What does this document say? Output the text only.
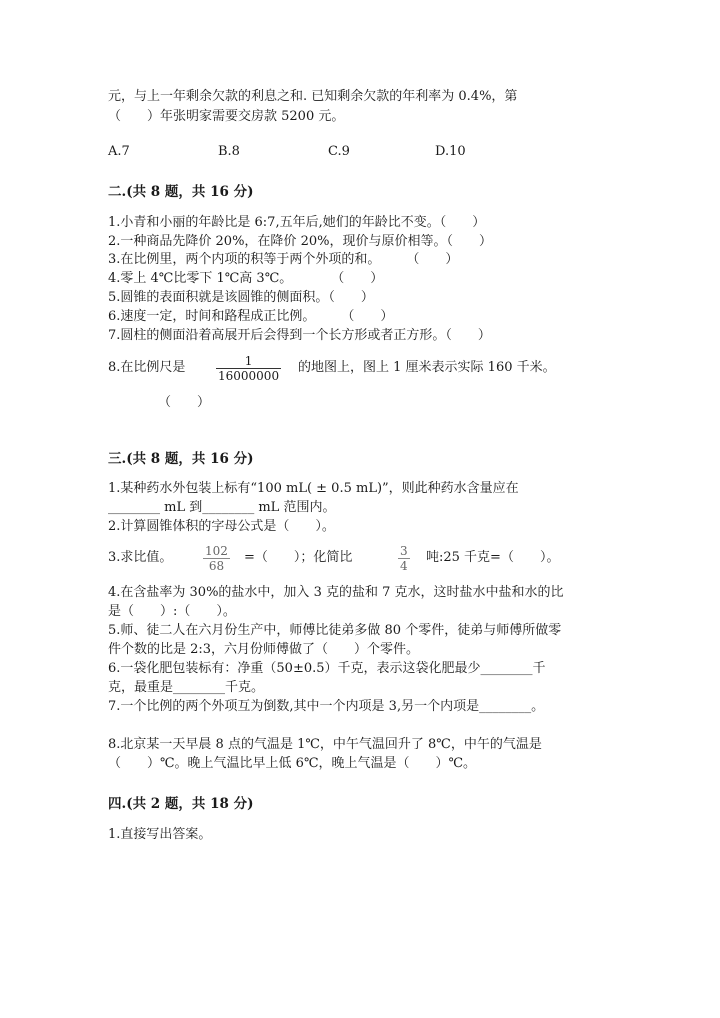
元，与上一年剩余欠款的利息之和. 已知剩余欠款的年利率为 0.4%，第
（　　）年张明家需要交房款 5200 元。
A.7	B.8	C.9	D.10
二.(共 8 题，共 16 分)
1.小青和小丽的年龄比是 6:7,五年后,她们的年龄比不变。（　　）
2.一种商品先降价 20%，在降价 20%，现价与原价相等。（　　）
3.在比例里，两个内项的积等于两个外项的和。　　　（　　）
4.零上 4℃比零下 1℃高 3℃。　　　　（　　）
5.圆锥的表面积就是该圆锥的侧面积。（　　）
6.速度一定，时间和路程成正比例。　　　（　　）
7.圆柱的侧面沿着高展开后会得到一个长方形或者正方形。（　　）
8.在比例尺是	$\frac{1}{16000000}$ 的地图上，图上 1 厘米表示实际 160 千米。
（　　）
三.(共 8 题，共 16 分)
1.某种药水外包装上标有“100 mL( ± 0.5 mL)”，则此种药水含量应在
________ mL 到________ mL 范围内。
2.计算圆锥体积的字母公式是（　　）。
3.求比值。	$\frac{102}{68}$ =（　　）；化简比	$\frac{3}{4}$ 吨:25 千克=（　　）。
4.在含盐率为 30%的盐水中，加入 3 克的盐和 7 克水，这时盐水中盐和水的比
是（　　）:（　　）。
5.师、徒二人在六月份生产中，师傅比徒弟多做 80 个零件，徒弟与师傅所做零
件个数的比是 2:3，六月份师傅做了（　　）个零件。
6.一袋化肥包装标有：净重（50±0.5）千克，表示这袋化肥最少________千
克，最重是________千克。
7.一个比例的两个外项互为倒数,其中一个内项是 3,另一个内项是________。
8.北京某一天早晨 8 点的气温是 1℃，中午气温回升了 8℃，中午的气温是
（　　）℃。晚上气温比早上低 6℃，晚上气温是（　　）℃。
四.(共 2 题，共 18 分)
1.直接写出答案。
